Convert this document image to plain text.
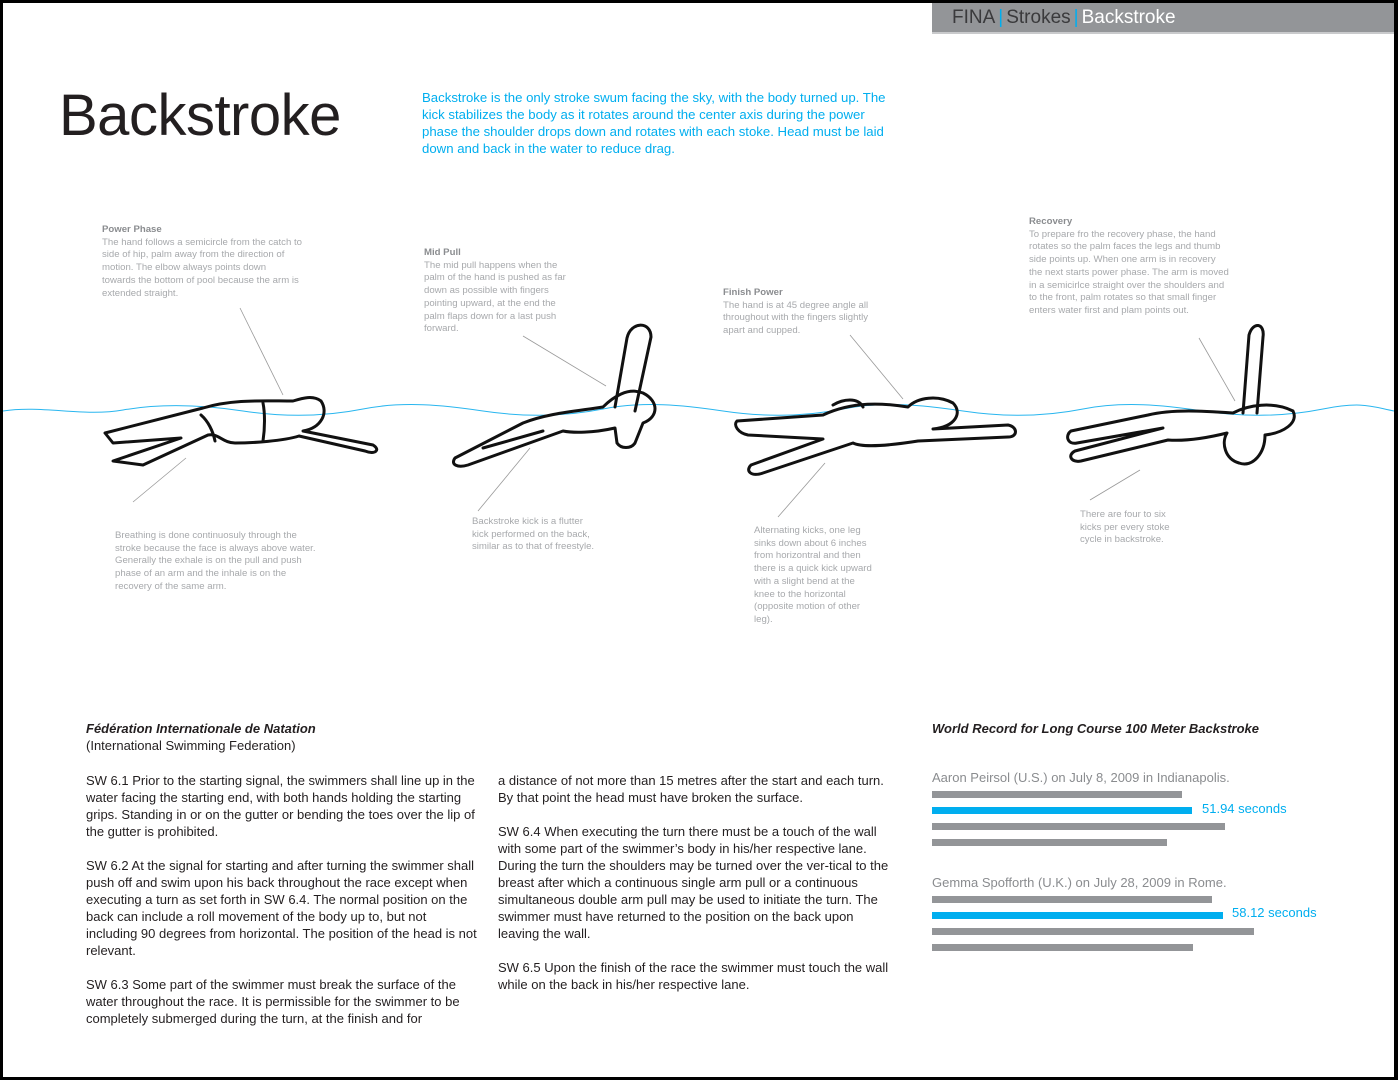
FINA | Strokes | Backstroke
Backstroke	Backstroke is the only stroke swum facing the sky, with the body turned up. The kick stabilizes the body as it rotates around the center axis during the power phase the shoulder drops down and rotates with each stoke. Head must be laid down and back in the water to reduce drag.
Power Phase
The hand follows a semicircle from the catch to side of hip, palm away from the direction of motion. The elbow always points down towards the bottom of pool because the arm is extended straight.
Mid Pull
The mid pull happens when the palm of the hand is pushed as far down as possible with fingers pointing upward, at the end the palm flaps down for a last push forward.
Finish Power
The hand is at 45 degree angle all throughout with the fingers slightly apart and cupped.
Recovery
To prepare fro the recovery phase, the hand rotates so the palm faces the legs and thumb side points up. When one arm is in recovery the next starts power phase. The arm is moved in a semicirlce straight over the shoulders and to the front, palm rotates so that small finger enters water first and plam points out.
Breathing is done continuosuly through the stroke because the face is always above water. Generally the exhale is on the pull and push phase of an arm and the inhale is on the recovery of the same arm.
Backstroke kick is a flutter kick performed on the back, similar as to that of freestyle.
Alternating kicks, one leg sinks down about 6 inches from horizontral and then there is a quick kick upward with a slight bend at the knee to the horizontal (opposite motion of other leg).
There are four to six kicks per every stoke cycle in backstroke.
Fédération Internationale de Natation
(International Swimming Federation)

SW 6.1 Prior to the starting signal, the swimmers shall line up in the water facing the starting end, with both hands holding the starting grips. Standing in or on the gutter or bending the toes over the lip of the gutter is prohibited.

SW 6.2 At the signal for starting and after turning the swimmer shall push off and swim upon his back throughout the race except when executing a turn as set forth in SW 6.4. The normal position on the back can include a roll movement of the body up to, but not including 90 degrees from horizontal. The position of the head is not relevant.

SW 6.3 Some part of the swimmer must break the surface of the water throughout the race. It is permissible for the swimmer to be completely submerged during the turn, at the finish and for

a distance of not more than 15 metres after the start and each turn. By that point the head must have broken the surface.

SW 6.4 When executing the turn there must be a touch of the wall with some part of the swimmer’s body in his/her respective lane. During the turn the shoulders may be turned over the ver-tical to the breast after which a continuous single arm pull or a continuous simultaneous double arm pull may be used to initiate the turn. The swimmer must have returned to the position on the back upon leaving the wall.

SW 6.5 Upon the finish of the race the swimmer must touch the wall while on the back in his/her respective lane.

World Record for Long Course 100 Meter Backstroke
Aaron Peirsol (U.S.) on July 8, 2009 in Indianapolis.
51.94 seconds
Gemma Spofforth (U.K.) on July 28, 2009 in Rome.
58.12 seconds
